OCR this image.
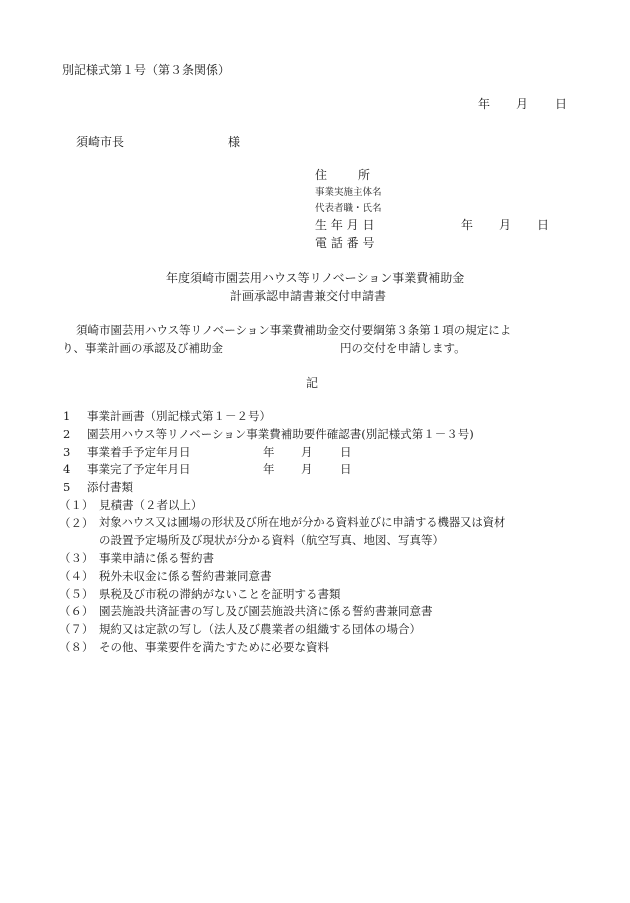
別記様式第１号（第３条関係）
年 月 日
須崎市長	様
住	所
事業実施主体名
代表者職・氏名
生 年 月 日	年 月 日
電 話 番 号
年度須崎市園芸用ハウス等リノベーション事業費補助金
計画承認申請書兼交付申請書
須崎市園芸用ハウス等リノベーション事業費補助金交付要綱第３条第１項の規定によ
り、事業計画の承認及び補助金	円の交付を申請します。
記
1 事業計画書（別記様式第１－２号）
2 園芸用ハウス等リノベーション事業費補助要件確認書(別記様式第１－３号)
3 事業着手予定年月日	年 月 日
4 事業完了予定年月日	年 月 日
5 添付書類
（１） 見積書（２者以上）
（２） 対象ハウス又は圃場の形状及び所在地が分かる資料並びに申請する機器又は資材
の設置予定場所及び現状が分かる資料（航空写真、地図、写真等）
（３） 事業申請に係る誓約書
（４） 税外未収金に係る誓約書兼同意書
（５） 県税及び市税の滞納がないことを証明する書類
（６） 園芸施設共済証書の写し及び園芸施設共済に係る誓約書兼同意書
（７） 規約又は定款の写し（法人及び農業者の組織する団体の場合）
（８） その他、事業要件を満たすために必要な資料
